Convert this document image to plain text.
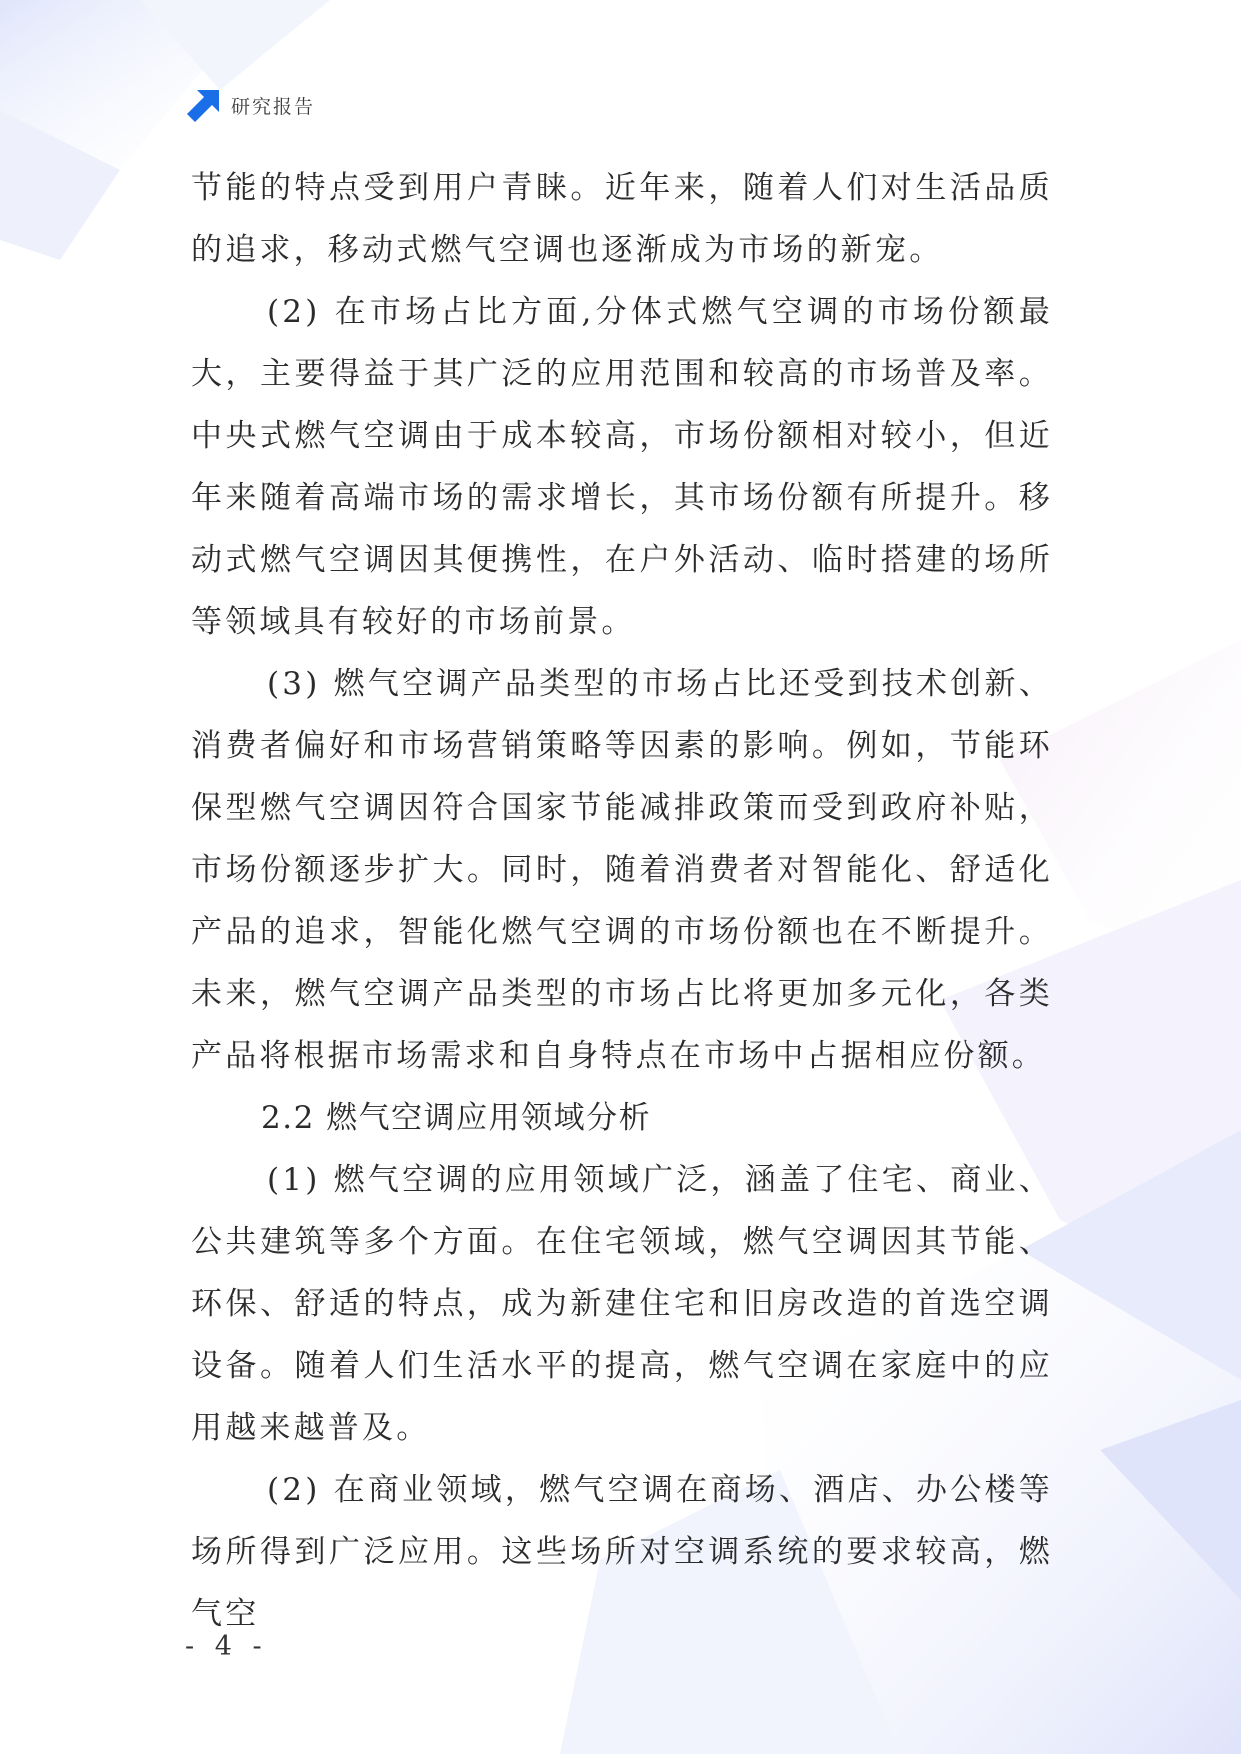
研究报告

节能的特点受到用户青睐。近年来，随着人们对生活品质的追求，移动式燃气空调也逐渐成为市场的新宠。

(2) 在市场占比方面,分体式燃气空调的市场份额最大，主要得益于其广泛的应用范围和较高的市场普及率。中央式燃气空调由于成本较高，市场份额相对较小，但近年来随着高端市场的需求增长，其市场份额有所提升。移动式燃气空调因其便携性，在户外活动、临时搭建的场所等领域具有较好的市场前景。

(3) 燃气空调产品类型的市场占比还受到技术创新、消费者偏好和市场营销策略等因素的影响。例如，节能环保型燃气空调因符合国家节能减排政策而受到政府补贴，市场份额逐步扩大。同时，随着消费者对智能化、舒适化产品的追求，智能化燃气空调的市场份额也在不断提升。未来，燃气空调产品类型的市场占比将更加多元化，各类产品将根据市场需求和自身特点在市场中占据相应份额。

2.2 燃气空调应用领域分析

(1) 燃气空调的应用领域广泛，涵盖了住宅、商业、公共建筑等多个方面。在住宅领域，燃气空调因其节能、环保、舒适的特点，成为新建住宅和旧房改造的首选空调设备。随着人们生活水平的提高，燃气空调在家庭中的应用越来越普及。

(2) 在商业领域，燃气空调在商场、酒店、办公楼等场所得到广泛应用。这些场所对空调系统的要求较高，燃气空

- 4 -
